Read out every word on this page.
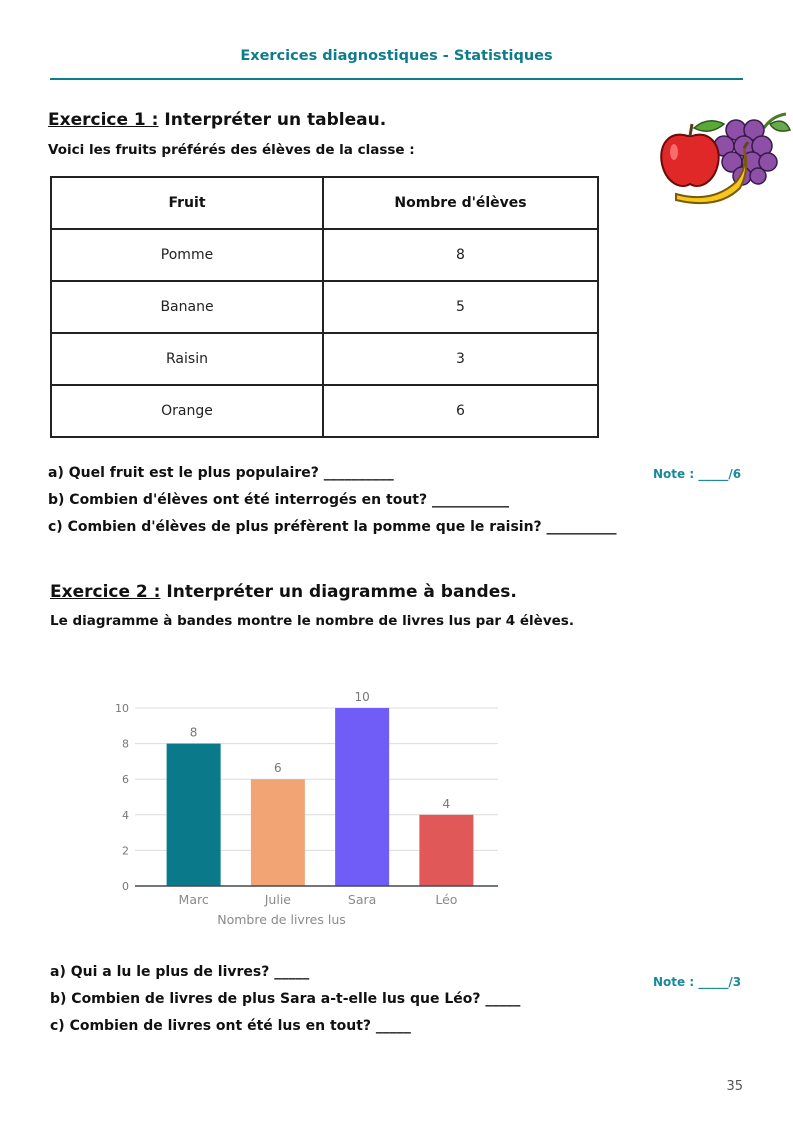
Exercices diagnostiques - Statistiques
Exercice 1 : Interpréter un tableau.
Voici les fruits préférés des élèves de la classe :
Fruit	Nombre d'élèves
Pomme	8
Banane	5
Raisin	3
Orange	6
a) Quel fruit est le plus populaire? __________	Note : _____/6
b) Combien d'élèves ont été interrogés en tout? ___________
c) Combien d'élèves de plus préfèrent la pomme que le raisin? __________
Exercice 2 : Interpréter un diagramme à bandes.
Le diagramme à bandes montre le nombre de livres lus par 4 élèves.
0
2
4
6
8
10
8
6
10
4
Marc	Julie	Sara	Léo
Nombre de livres lus
a) Qui a lu le plus de livres? _____
Note : _____/3
b) Combien de livres de plus Sara a-t-elle lus que Léo? _____
c) Combien de livres ont été lus en tout? _____
35
